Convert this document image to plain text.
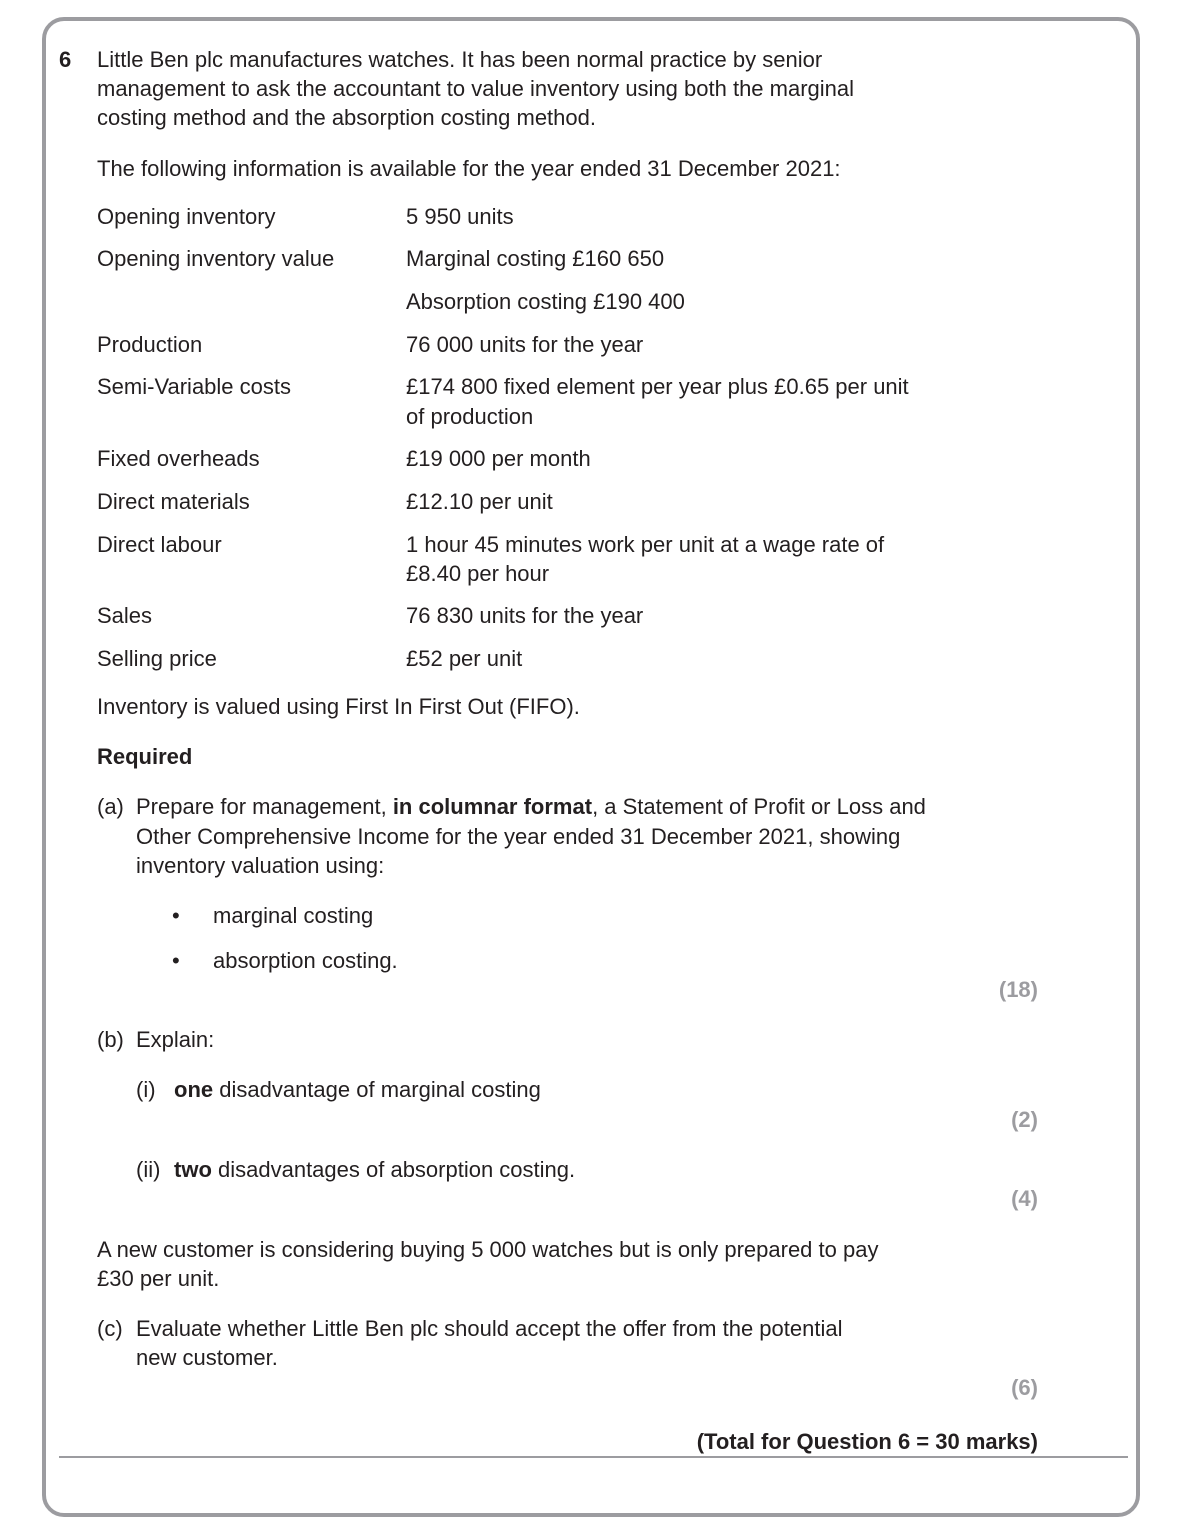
6 Little Ben plc manufactures watches. It has been normal practice by senior
management to ask the accountant to value inventory using both the marginal
costing method and the absorption costing method.
The following information is available for the year ended 31 December 2021:
Opening inventory	5 950 units
Opening inventory value	Marginal costing £160 650
Absorption costing £190 400
Production	76 000 units for the year
Semi-Variable costs	£174 800 fixed element per year plus £0.65 per unit
of production
Fixed overheads	£19 000 per month
Direct materials	£12.10 per unit
Direct labour	1 hour 45 minutes work per unit at a wage rate of
£8.40 per hour
Sales	76 830 units for the year
Selling price	£52 per unit
Inventory is valued using First In First Out (FIFO).
Required
(a) Prepare for management, in columnar format, a Statement of Profit or Loss and
Other Comprehensive Income for the year ended 31 December 2021, showing
inventory valuation using:
• marginal costing
• absorption costing.
(18)
(b) Explain:
(i) one disadvantage of marginal costing
(2)
(ii) two disadvantages of absorption costing.
(4)
A new customer is considering buying 5 000 watches but is only prepared to pay
£30 per unit.
(c) Evaluate whether Little Ben plc should accept the offer from the potential
new customer.
(6)
(Total for Question 6 = 30 marks)
